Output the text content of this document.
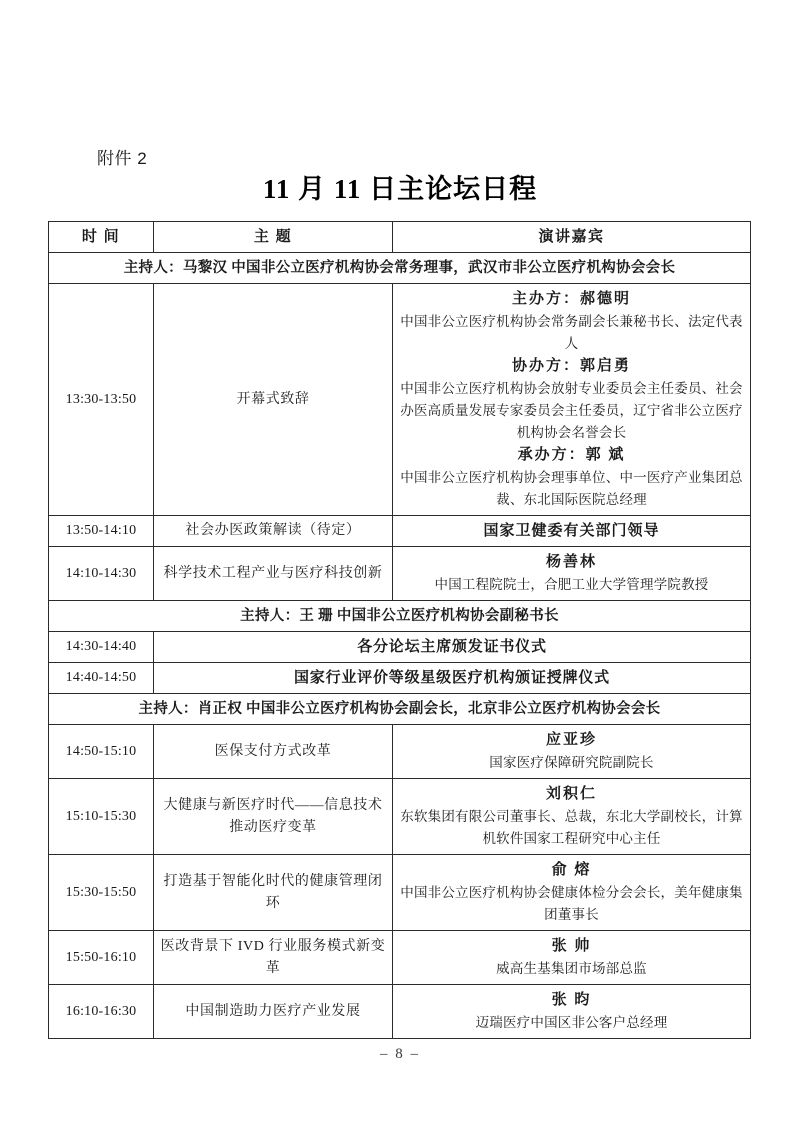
附件 2
11 月 11 日主论坛日程
时 间	主 题	演讲嘉宾
主持人：马黎汉 中国非公立医疗机构协会常务理事，武汉市非公立医疗机构协会会长		
13:30-13:50	开幕式致辞	
主办方：郝德明
中国非公立医疗机构协会常务副会长兼秘书长、法定代表人
协办方：郭启勇
中国非公立医疗机构协会放射专业委员会主任委员、社会办医高质量发展专家委员会主任委员，辽宁省非公立医疗机构协会名誉会长
承办方：郭 斌
中国非公立医疗机构协会理事单位、中一医疗产业集团总裁、东北国际医院总经理

13:50-14:10	社会办医政策解读（待定）	国家卫健委有关部门领导
14:10-14:30	科学技术工程产业与医疗科技创新	杨善林
中国工程院院士，合肥工业大学管理学院教授

主持人：王 珊 中国非公立医疗机构协会副秘书长		
14:30-14:40	各分论坛主席颁发证书仪式	
14:40-14:50	国家行业评价等级星级医疗机构颁证授牌仪式	
主持人：肖正权 中国非公立医疗机构协会副会长，北京非公立医疗机构协会会长		
14:50-15:10	医保支付方式改革	应亚珍
国家医疗保障研究院副院长

15:10-15:30	大健康与新医疗时代——信息技术推动医疗变革	刘积仁
东软集团有限公司董事长、总裁，东北大学副校长，计算机软件国家工程研究中心主任

15:30-15:50	打造基于智能化时代的健康管理闭环	俞 熔
中国非公立医疗机构协会健康体检分会会长，美年健康集团董事长

15:50-16:10	医改背景下 IVD 行业服务模式新变革	张 帅
威高生基集团市场部总监

16:10-16:30	中国制造助力医疗产业发展	张 昀
迈瑞医疗中国区非公客户总经理
– 8 –
